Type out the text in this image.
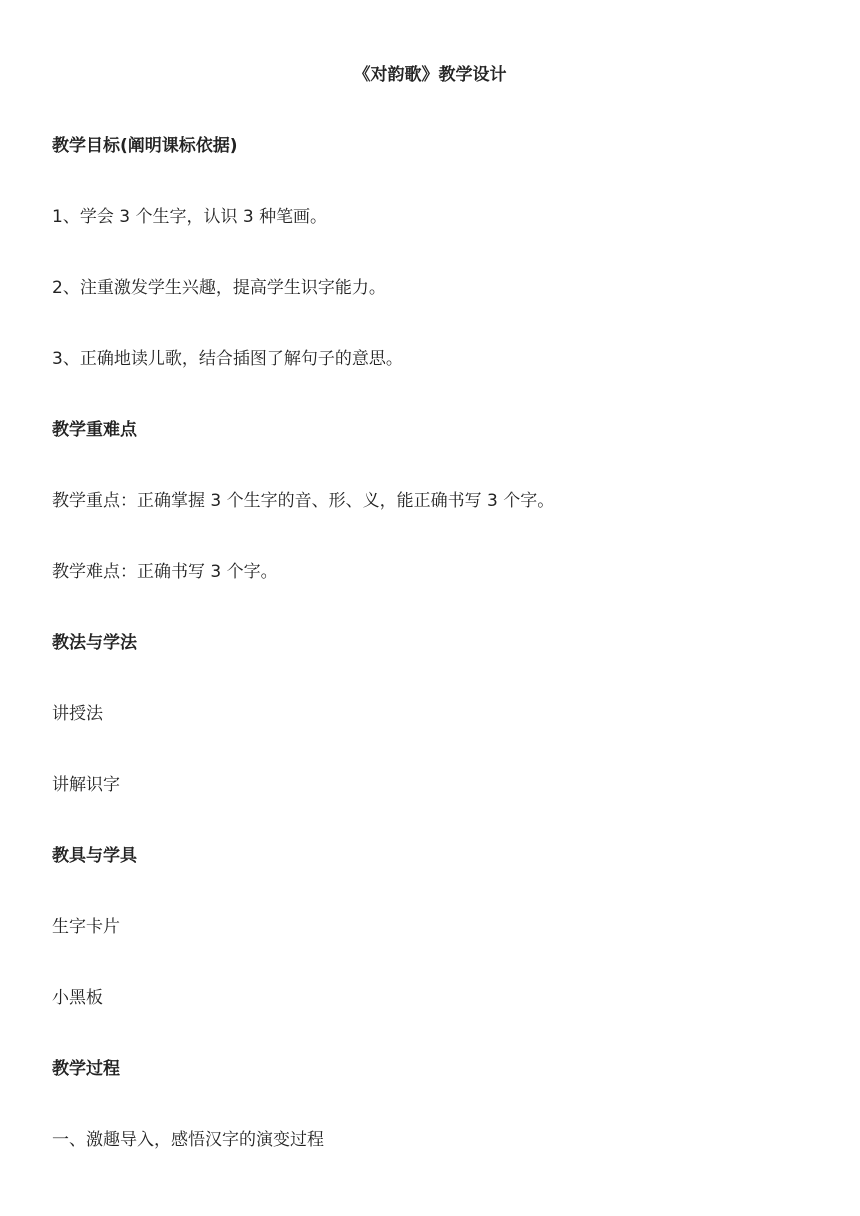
《对韵歌》教学设计
教学目标(阐明课标依据)
1、学会 3 个生字，认识 3 种笔画。
2、注重激发学生兴趣，提高学生识字能力。
3、正确地读儿歌，结合插图了解句子的意思。
教学重难点
教学重点：正确掌握 3 个生字的音、形、义，能正确书写 3 个字。
教学难点：正确书写 3 个字。
教法与学法
讲授法
讲解识字
教具与学具
生字卡片
小黑板
教学过程
一、激趣导入，感悟汉字的演变过程
